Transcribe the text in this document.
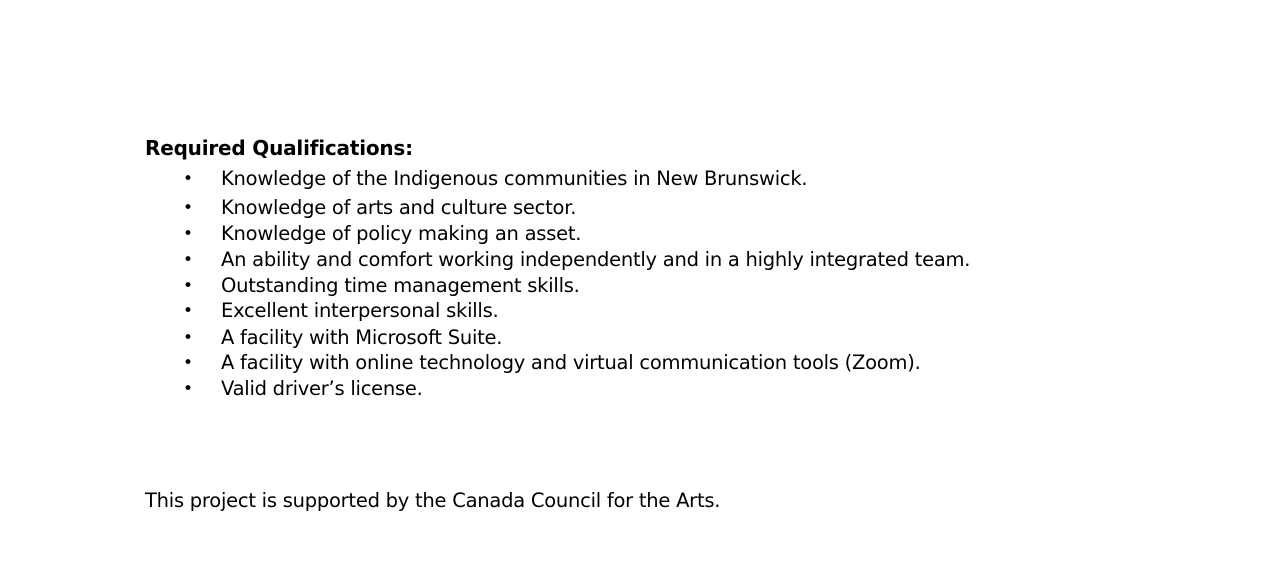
Required Qualifications:
• Knowledge of the Indigenous communities in New Brunswick.
• Knowledge of arts and culture sector.
• Knowledge of policy making an asset.
• An ability and comfort working independently and in a highly integrated team.
• Outstanding time management skills.
• Excellent interpersonal skills.
• A facility with Microsoft Suite.
• A facility with online technology and virtual communication tools (Zoom).
• Valid driver’s license.

This project is supported by the Canada Council for the Arts.
